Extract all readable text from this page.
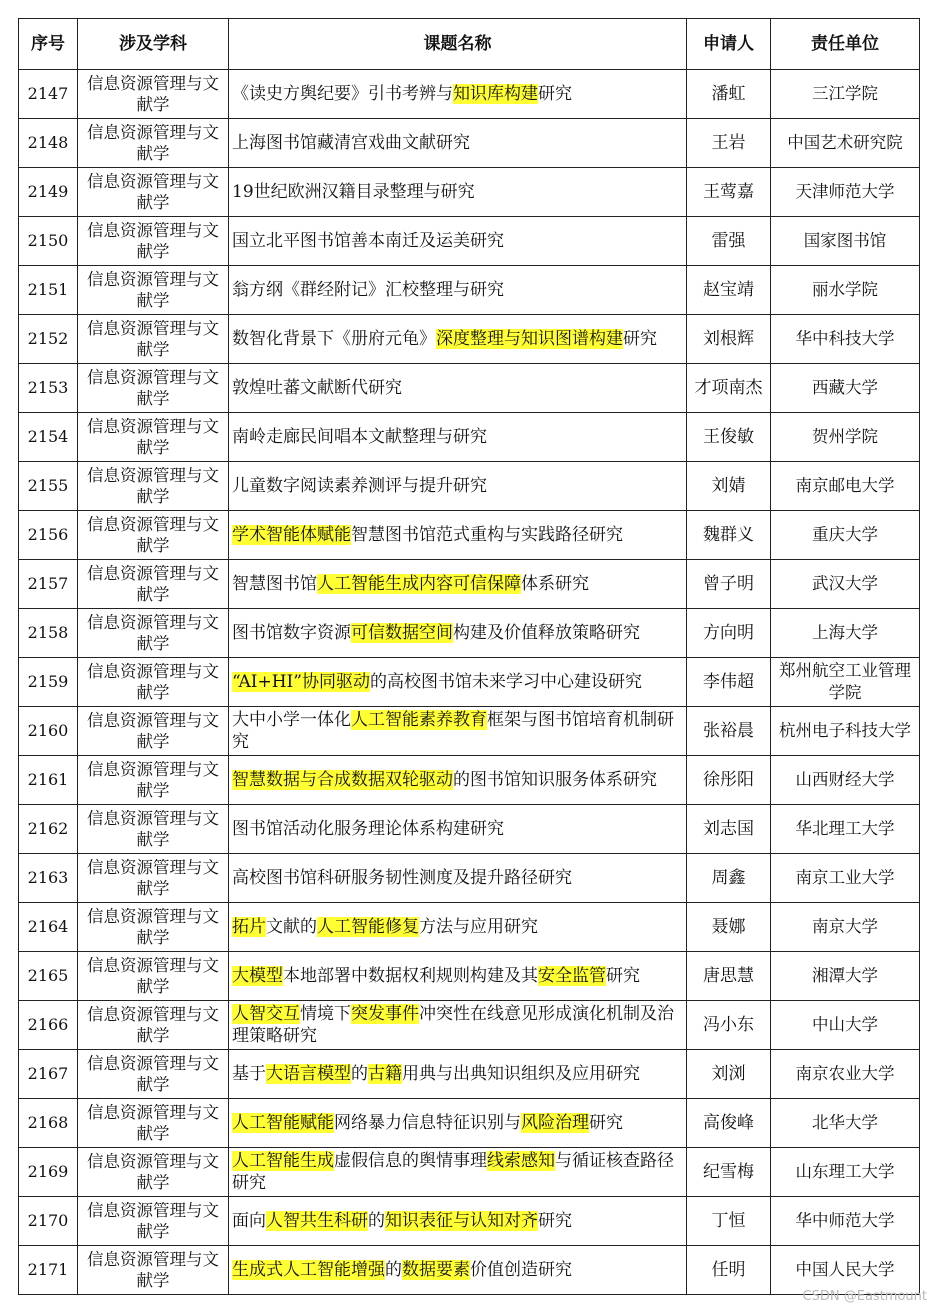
序号	涉及学科	课题名称	申请人	责任单位
2147	信息资源管理与文献学	《读史方舆纪要》引书考辨与知识库构建研究	潘虹	三江学院
2148	信息资源管理与文献学	上海图书馆藏清宫戏曲文献研究	王岩	中国艺术研究院
2149	信息资源管理与文献学	19世纪欧洲汉籍目录整理与研究	王莺嘉	天津师范大学
2150	信息资源管理与文献学	国立北平图书馆善本南迁及运美研究	雷强	国家图书馆
2151	信息资源管理与文献学	翁方纲《群经附记》汇校整理与研究	赵宝靖	丽水学院
2152	信息资源管理与文献学	数智化背景下《册府元龟》深度整理与知识图谱构建研究	刘根辉	华中科技大学
2153	信息资源管理与文献学	敦煌吐蕃文献断代研究	才项南杰	西藏大学
2154	信息资源管理与文献学	南岭走廊民间唱本文献整理与研究	王俊敏	贺州学院
2155	信息资源管理与文献学	儿童数字阅读素养测评与提升研究	刘婧	南京邮电大学
2156	信息资源管理与文献学	学术智能体赋能智慧图书馆范式重构与实践路径研究	魏群义	重庆大学
2157	信息资源管理与文献学	智慧图书馆人工智能生成内容可信保障体系研究	曾子明	武汉大学
2158	信息资源管理与文献学	图书馆数字资源可信数据空间构建及价值释放策略研究	方向明	上海大学
2159	信息资源管理与文献学	“AI+HI”协同驱动的高校图书馆未来学习中心建设研究	李伟超	郑州航空工业管理学院
2160	信息资源管理与文献学	大中小学一体化人工智能素养教育框架与图书馆培育机制研究	张裕晨	杭州电子科技大学
2161	信息资源管理与文献学	智慧数据与合成数据双轮驱动的图书馆知识服务体系研究	徐彤阳	山西财经大学
2162	信息资源管理与文献学	图书馆活动化服务理论体系构建研究	刘志国	华北理工大学
2163	信息资源管理与文献学	高校图书馆科研服务韧性测度及提升路径研究	周鑫	南京工业大学
2164	信息资源管理与文献学	拓片文献的人工智能修复方法与应用研究	聂娜	南京大学
2165	信息资源管理与文献学	大模型本地部署中数据权利规则构建及其安全监管研究	唐思慧	湘潭大学
2166	信息资源管理与文献学	人智交互情境下突发事件冲突性在线意见形成演化机制及治理策略研究	冯小东	中山大学
2167	信息资源管理与文献学	基于大语言模型的古籍用典与出典知识组织及应用研究	刘浏	南京农业大学
2168	信息资源管理与文献学	人工智能赋能网络暴力信息特征识别与风险治理研究	高俊峰	北华大学
2169	信息资源管理与文献学	人工智能生成虚假信息的舆情事理线索感知与循证核查路径研究	纪雪梅	山东理工大学
2170	信息资源管理与文献学	面向人智共生科研的知识表征与认知对齐研究	丁恒	华中师范大学
2171	信息资源管理与文献学	生成式人工智能增强的数据要素价值创造研究	任明	中国人民大学
CSDN @Eastmount
